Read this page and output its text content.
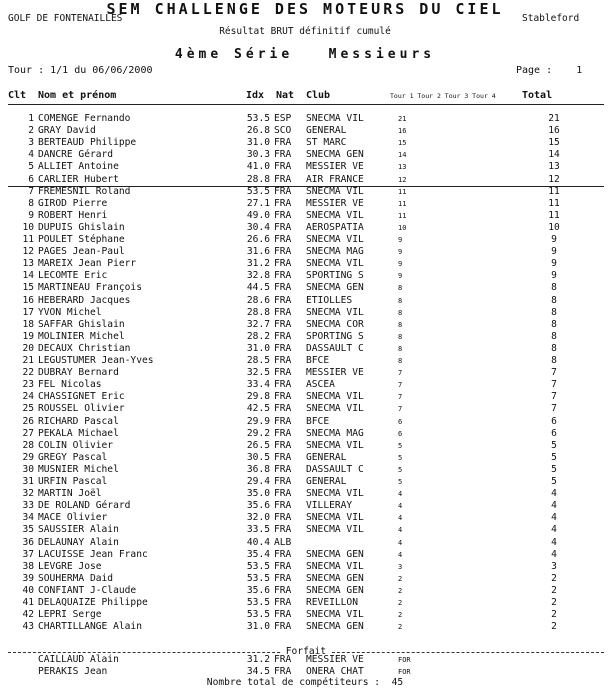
SEM CHALLENGE DES MOTEURS DU CIEL
GOLF DE FONTENAILLES	Stableford
Résultat BRUT définitif cumulé
4ème Série   Messieurs
Tour : 1/1 du 06/06/2000	Page :    1
Clt Nom et prénom	Idx Nat Club	Tour 1 Tour 2 Tour 3 Tour 4	Total
1 COMENGE Fernando	53.5 ESP	SNECMA VIL	21	21
2 GRAY David	26.8 SCO	GENERAL	16	16
3 BERTEAUD Philippe	31.0 FRA	ST MARC	15	15
4 DANCRE Gérard	30.3 FRA	SNECMA GEN	14	14
5 ALLIET Antoine	41.0 FRA	MESSIER VE	13	13
6 CARLIER Hubert	28.8 FRA	AIR FRANCE	12	12
7 FREMESNIL Roland	53.5 FRA	SNECMA VIL	11	11
8 GIROD Pierre	27.1 FRA	MESSIER VE	11	11
9 ROBERT Henri	49.0 FRA	SNECMA VIL	11	11
10 DUPUIS Ghislain	30.4 FRA	AEROSPATIA	10	10
11 POULET Stéphane	26.6 FRA	SNECMA VIL	9	9
12 PAGES Jean-Paul	31.6 FRA	SNECMA MAG	9	9
13 MAREIX Jean Pierr	31.2 FRA	SNECMA VIL	9	9
14 LECOMTE Eric	32.8 FRA	SPORTING S	9	9
15 MARTINEAU François	44.5 FRA	SNECMA GEN	8	8
16 HEBERARD Jacques	28.6 FRA	ETIOLLES	8	8
17 YVON Michel	28.8 FRA	SNECMA VIL	8	8
18 SAFFAR Ghislain	32.7 FRA	SNECMA COR	8	8
19 MOLINIER Michel	28.2 FRA	SPORTING S	8	8
20 DECAUX Christian	31.0 FRA	DASSAULT C	8	8
21 LEGUSTUMER Jean-Yves	28.5 FRA	BFCE	8	8
22 DUBRAY Bernard	32.5 FRA	MESSIER VE	7	7
23 FEL Nicolas	33.4 FRA	ASCEA	7	7
24 CHASSIGNET Eric	29.8 FRA	SNECMA VIL	7	7
25 ROUSSEL Olivier	42.5 FRA	SNECMA VIL	7	7
26 RICHARD Pascal	29.9 FRA	BFCE	6	6
27 PEKALA Michael	29.2 FRA	SNECMA MAG	6	6
28 COLIN Olivier	26.5 FRA	SNECMA VIL	5	5
29 GREGY Pascal	30.5 FRA	GENERAL	5	5
30 MUSNIER Michel	36.8 FRA	DASSAULT C	5	5
31 URFIN Pascal	29.4 FRA	GENERAL	5	5
32 MARTIN Joël	35.0 FRA	SNECMA VIL	4	4
33 DE ROLAND Gérard	35.6 FRA	VILLERAY	4	4
34 MACE Olivier	32.0 FRA	SNECMA VIL	4	4
35 SAUSSIER Alain	33.5 FRA	SNECMA VIL	4	4
36 DELAUNAY Alain	40.4 ALB	4	4
37 LACUISSE Jean Franc	35.4 FRA	SNECMA GEN	4	4
38 LEVGRE Jose	53.5 FRA	SNECMA VIL	3	3
39 SOUHERMA Daid	53.5 FRA	SNECMA GEN	2	2
40 CONFIANT J-Claude	35.6 FRA	SNECMA GEN	2	2
41 DELAQUAIZE Philippe	53.5 FRA	REVEILLON	2	2
42 LEPRI Serge	53.5 FRA	SNECMA VIL	2	2
43 CHARTILLANGE Alain	31.0 FRA	SNECMA GEN	2	2
Forfait
CAILLAUD Alain	31.2 FRA	MESSIER VE	FOR
PERAKIS Jean	34.5 FRA	ONERA CHAT	FOR
Nombre total de compétiteurs :  45
